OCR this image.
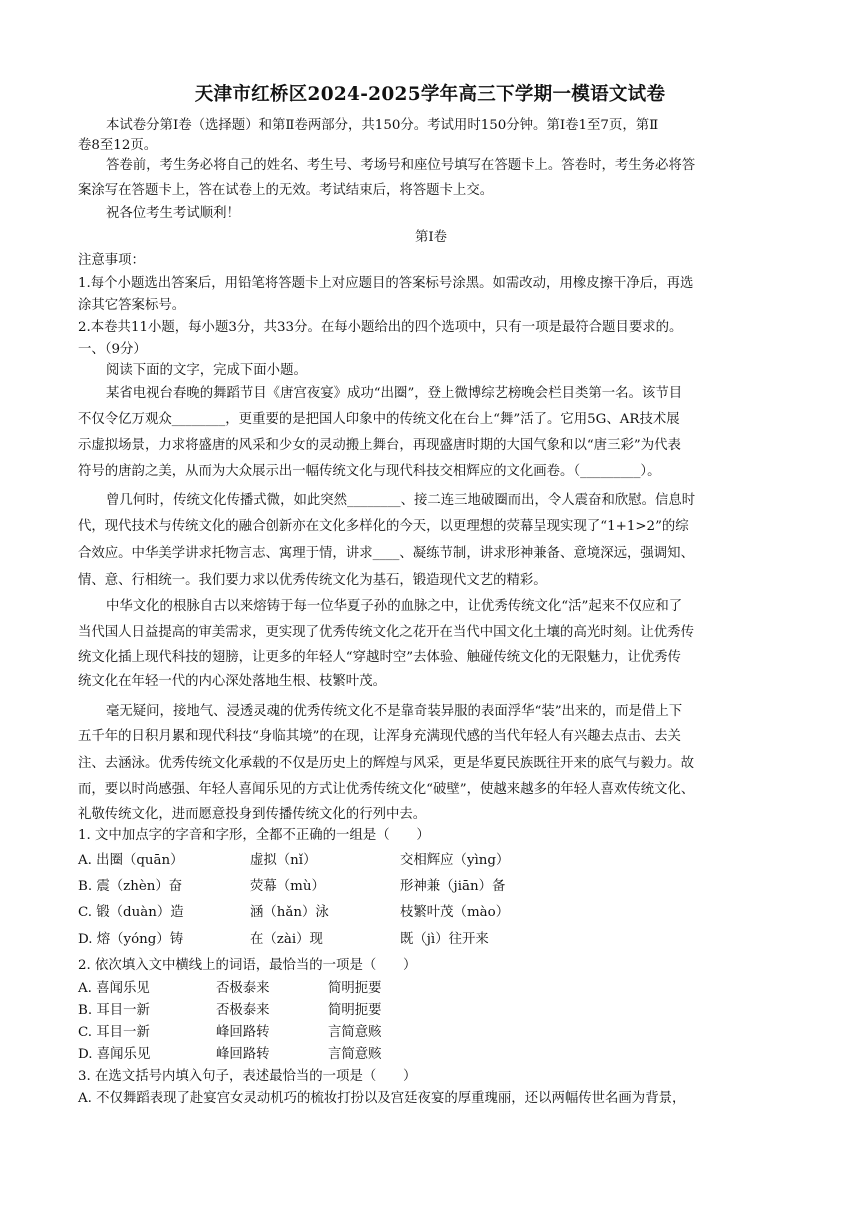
天津市红桥区2024-2025学年高三下学期一模语文试卷
本试卷分第Ⅰ卷（选择题）和第Ⅱ卷两部分，共150分。考试用时150分钟。第Ⅰ卷1至7页，第Ⅱ
卷8至12页。
答卷前，考生务必将自己的姓名、考生号、考场号和座位号填写在答题卡上。答卷时，考生务必将答
案涂写在答题卡上，答在试卷上的无效。考试结束后，将答题卡上交。
祝各位考生考试顺利！
第Ⅰ卷
注意事项：
1.每个小题选出答案后，用铅笔将答题卡上对应题目的答案标号涂黑。如需改动，用橡皮擦干净后，再选
涂其它答案标号。
2.本卷共11小题，每小题3分，共33分。在每小题给出的四个选项中，只有一项是最符合题目要求的。
一、（9分）
阅读下面的文字，完成下面小题。
某省电视台春晚的舞蹈节目《唐宫夜宴》成功“出圈”，登上微博综艺榜晚会栏目类第一名。该节目
不仅令亿万观众________，更重要的是把国人印象中的传统文化在台上“舞”活了。它用5G、AR技术展
示虚拟场景，力求将盛唐的风采和少女的灵动搬上舞台，再现盛唐时期的大国气象和以“唐三彩”为代表
符号的唐韵之美，从而为大众展示出一幅传统文化与现代科技交相辉应的文化画卷。（_________）。
曾几何时，传统文化传播式微，如此突然________、接二连三地破圈而出，令人震奋和欣慰。信息时
代，现代技术与传统文化的融合创新亦在文化多样化的今天，以更理想的荧幕呈现实现了“1+1>2”的综
合效应。中华美学讲求托物言志、寓理于情，讲求____、凝练节制，讲求形神兼备、意境深远，强调知、
情、意、行相统一。我们要力求以优秀传统文化为基石，锻造现代文艺的精彩。
中华文化的根脉自古以来熔铸于每一位华夏子孙的血脉之中，让优秀传统文化“活”起来不仅应和了
当代国人日益提高的审美需求，更实现了优秀传统文化之花开在当代中国文化土壤的高光时刻。让优秀传
统文化插上现代科技的翅膀，让更多的年轻人“穿越时空”去体验、触碰传统文化的无限魅力，让优秀传
统文化在年轻一代的内心深处落地生根、枝繁叶茂。
毫无疑问，接地气、浸透灵魂的优秀传统文化不是靠奇装异服的表面浮华“装”出来的，而是借上下
五千年的日积月累和现代科技“身临其境”的在现，让浑身充满现代感的当代年轻人有兴趣去点击、去关
注、去涵泳。优秀传统文化承载的不仅是历史上的辉煌与风采，更是华夏民族既往开来的底气与毅力。故
而，要以时尚感强、年轻人喜闻乐见的方式让优秀传统文化“破壁”，使越来越多的年轻人喜欢传统文化、
礼敬传统文化，进而愿意投身到传播传统文化的行列中去。
1. 文中加点字的字音和字形，全都不正确的一组是（　　）
A. 出圈（quān）	虚拟（nǐ）	交相辉应（yìng）
B. 震（zhèn）奋	荧幕（mù）	形神兼（jiān）备
C. 锻（duàn）造	涵（hǎn）泳	枝繁叶茂（mào）
D. 熔（yóng）铸	在（zài）现	既（jì）往开来
2. 依次填入文中横线上的词语，最恰当的一项是（　　）
A. 喜闻乐见	否极泰来	简明扼要
B. 耳目一新	否极泰来	简明扼要
C. 耳目一新	峰回路转	言简意赅
D. 喜闻乐见	峰回路转	言简意赅
3. 在选文括号内填入句子，表述最恰当的一项是（　　）
A. 不仅舞蹈表现了赴宴宫女灵动机巧的梳妆打扮以及宫廷夜宴的厚重瑰丽，还以两幅传世名画为背景，
